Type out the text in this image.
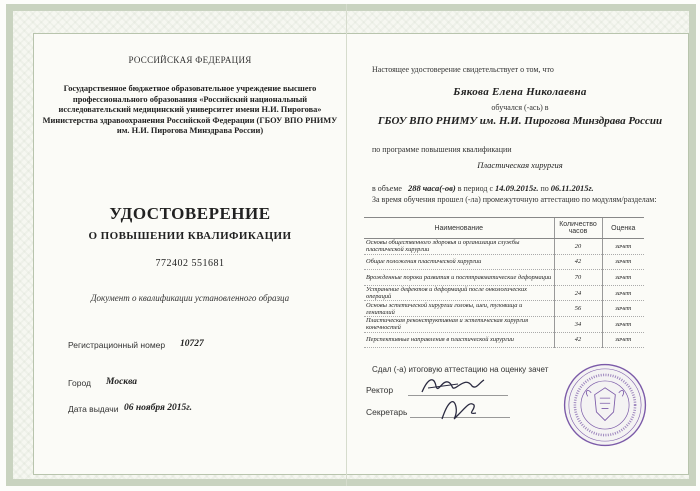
РОССИЙСКАЯ ФЕДЕРАЦИЯ
Государственное бюджетное образовательное учреждение высшего профессионального образования «Российский национальный исследовательский медицинский университет имени Н.И. Пирогова» Министерства здравоохранения Российской Федерации (ГБОУ ВПО РНИМУ им. Н.И. Пирогова Минздрава России)
УДОСТОВЕРЕНИЕ
О ПОВЫШЕНИИ КВАЛИФИКАЦИИ
772402 551681
Документ о квалификации установленного образца
Регистрационный номер 10727
Город Москва
Дата выдачи 06 ноября 2015г.
Настоящее удостоверение свидетельствует о том, что
Бякова Елена Николаевна
обучался (-ась) в
ГБОУ ВПО РНИМУ им. Н.И. Пирогова Минздрава России
по программе повышения квалификации
Пластическая хирургия
в объеме 288 часа(-ов) в период с 14.09.2015г. по 06.11.2015г.
За время обучения прошел (-ла) промежуточную аттестацию по модулям/разделам:
Наименование	Количество часов	Оценка
Основы общественного здоровья и организация службы пластической хирургии	20	зачет
Общие положения пластической хирургии	42	зачет
Врожденные пороки развития и посттравматические деформации	70	зачет
Устранение дефектов и деформаций после онкологических операций	24	зачет
Основы эстетической хирургии головы, шеи, туловища и гениталий	56	зачет
Пластическая реконструктивная и эстетическая хирургия конечностей	34	зачет
Перспективные направления в пластической хирургии	42	зачет
Сдал (-а) итоговую аттестацию на оценку зачет
Ректор
Секретарь
